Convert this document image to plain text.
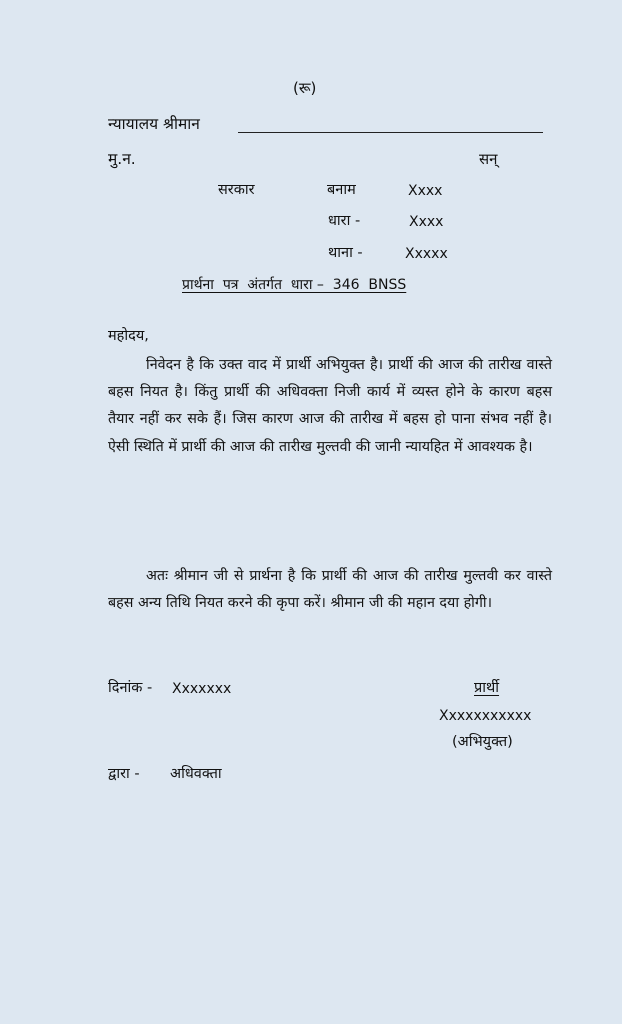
(रू)
न्यायालय श्रीमान
मु.न.	सन्
सरकार	बनाम	Xxxx
धारा -	Xxxx
थाना -	Xxxxx
प्रार्थना  पत्र  अंतर्गत  धारा –  346  BNSS
महोदय,
निवेदन है कि उक्त वाद में प्रार्थी अभियुक्त है। प्रार्थी की आज की तारीख वास्ते बहस नियत है। किंतु प्रार्थी की अधिवक्ता निजी कार्य में व्यस्त होने के कारण बहस तैयार नहीं कर सके हैं। जिस कारण आज की तारीख में बहस हो पाना संभव नहीं है। ऐसी स्थिति में प्रार्थी की आज की तारीख मुल्तवी की जानी न्यायहित में आवश्यक है।
अतः श्रीमान जी से प्रार्थना है कि प्रार्थी की आज की तारीख मुल्तवी कर वास्ते बहस अन्य तिथि नियत करने की कृपा करें। श्रीमान जी की महान दया होगी।
दिनांक - Xxxxxxx	प्रार्थी
Xxxxxxxxxxx
(अभियुक्त)
द्वारा - अधिवक्ता
